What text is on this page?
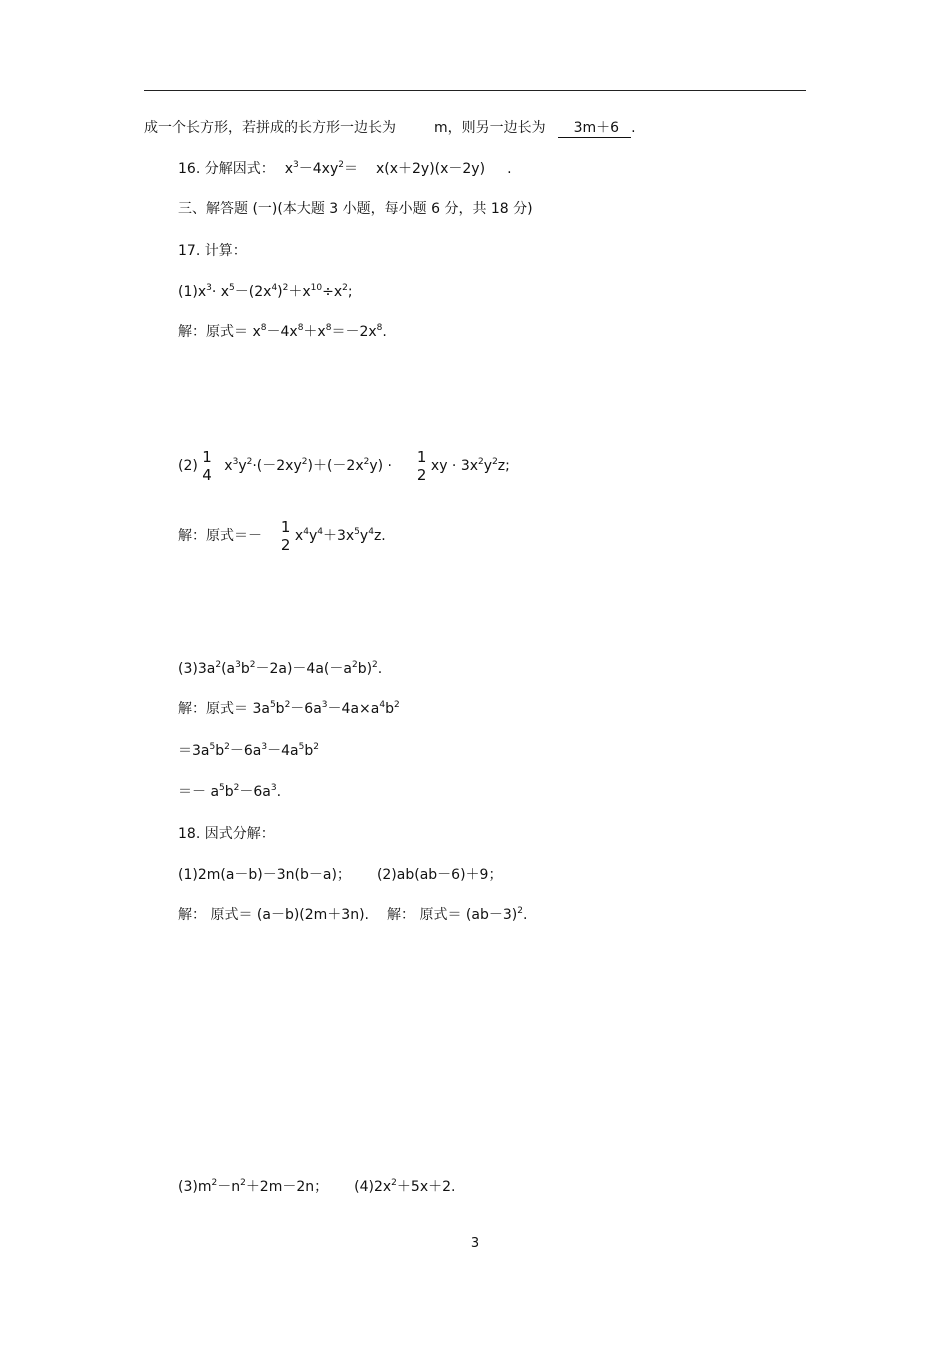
成一个长方形，若拼成的长方形一边长为	m，则另一边长为 3m＋6 .
16. 分解因式： $x^3-4xy^2= x(x+2y)(x-2y)$ .
三、解答题 (一)(本大题 3 小题，每小题 6 分，共 18 分)
17. 计算：
$(1)x^3\cdot x^5-(2x^4)^2+x^{10}\div x^2$;
解：原式＝ $x^8-4x^8+x^8=-2x^8$.
(2) 1
4 $x^3y^2\cdot(-2xy^2)+(-2x^2y) \cdot 1$
2 xy · $3x^2y^2z$;
解：原式＝－ 1
2 $x^4y^4+3x^5y^4z$.
$(3)3a^2(a^3b^2-2a)-4a(-a^2b)^2$.
解：原式＝ $3a^5b^2-6a^3-4a\times a^4b^2$
$=3a^5b^2-6a^3-4a^5b^2$
＝－ $a^5b^2-6a^3$.
18. 因式分解：
(1)2m(a－b)－3n(b－a)； (2)ab(ab－6)＋9；
解： 原式＝ (a－b)(2m＋3n). 解： 原式＝ $(ab-3)^2$.
$(3)m^2-n^2+2m-2n$； $(4)2x^2+5x+2$.
3
